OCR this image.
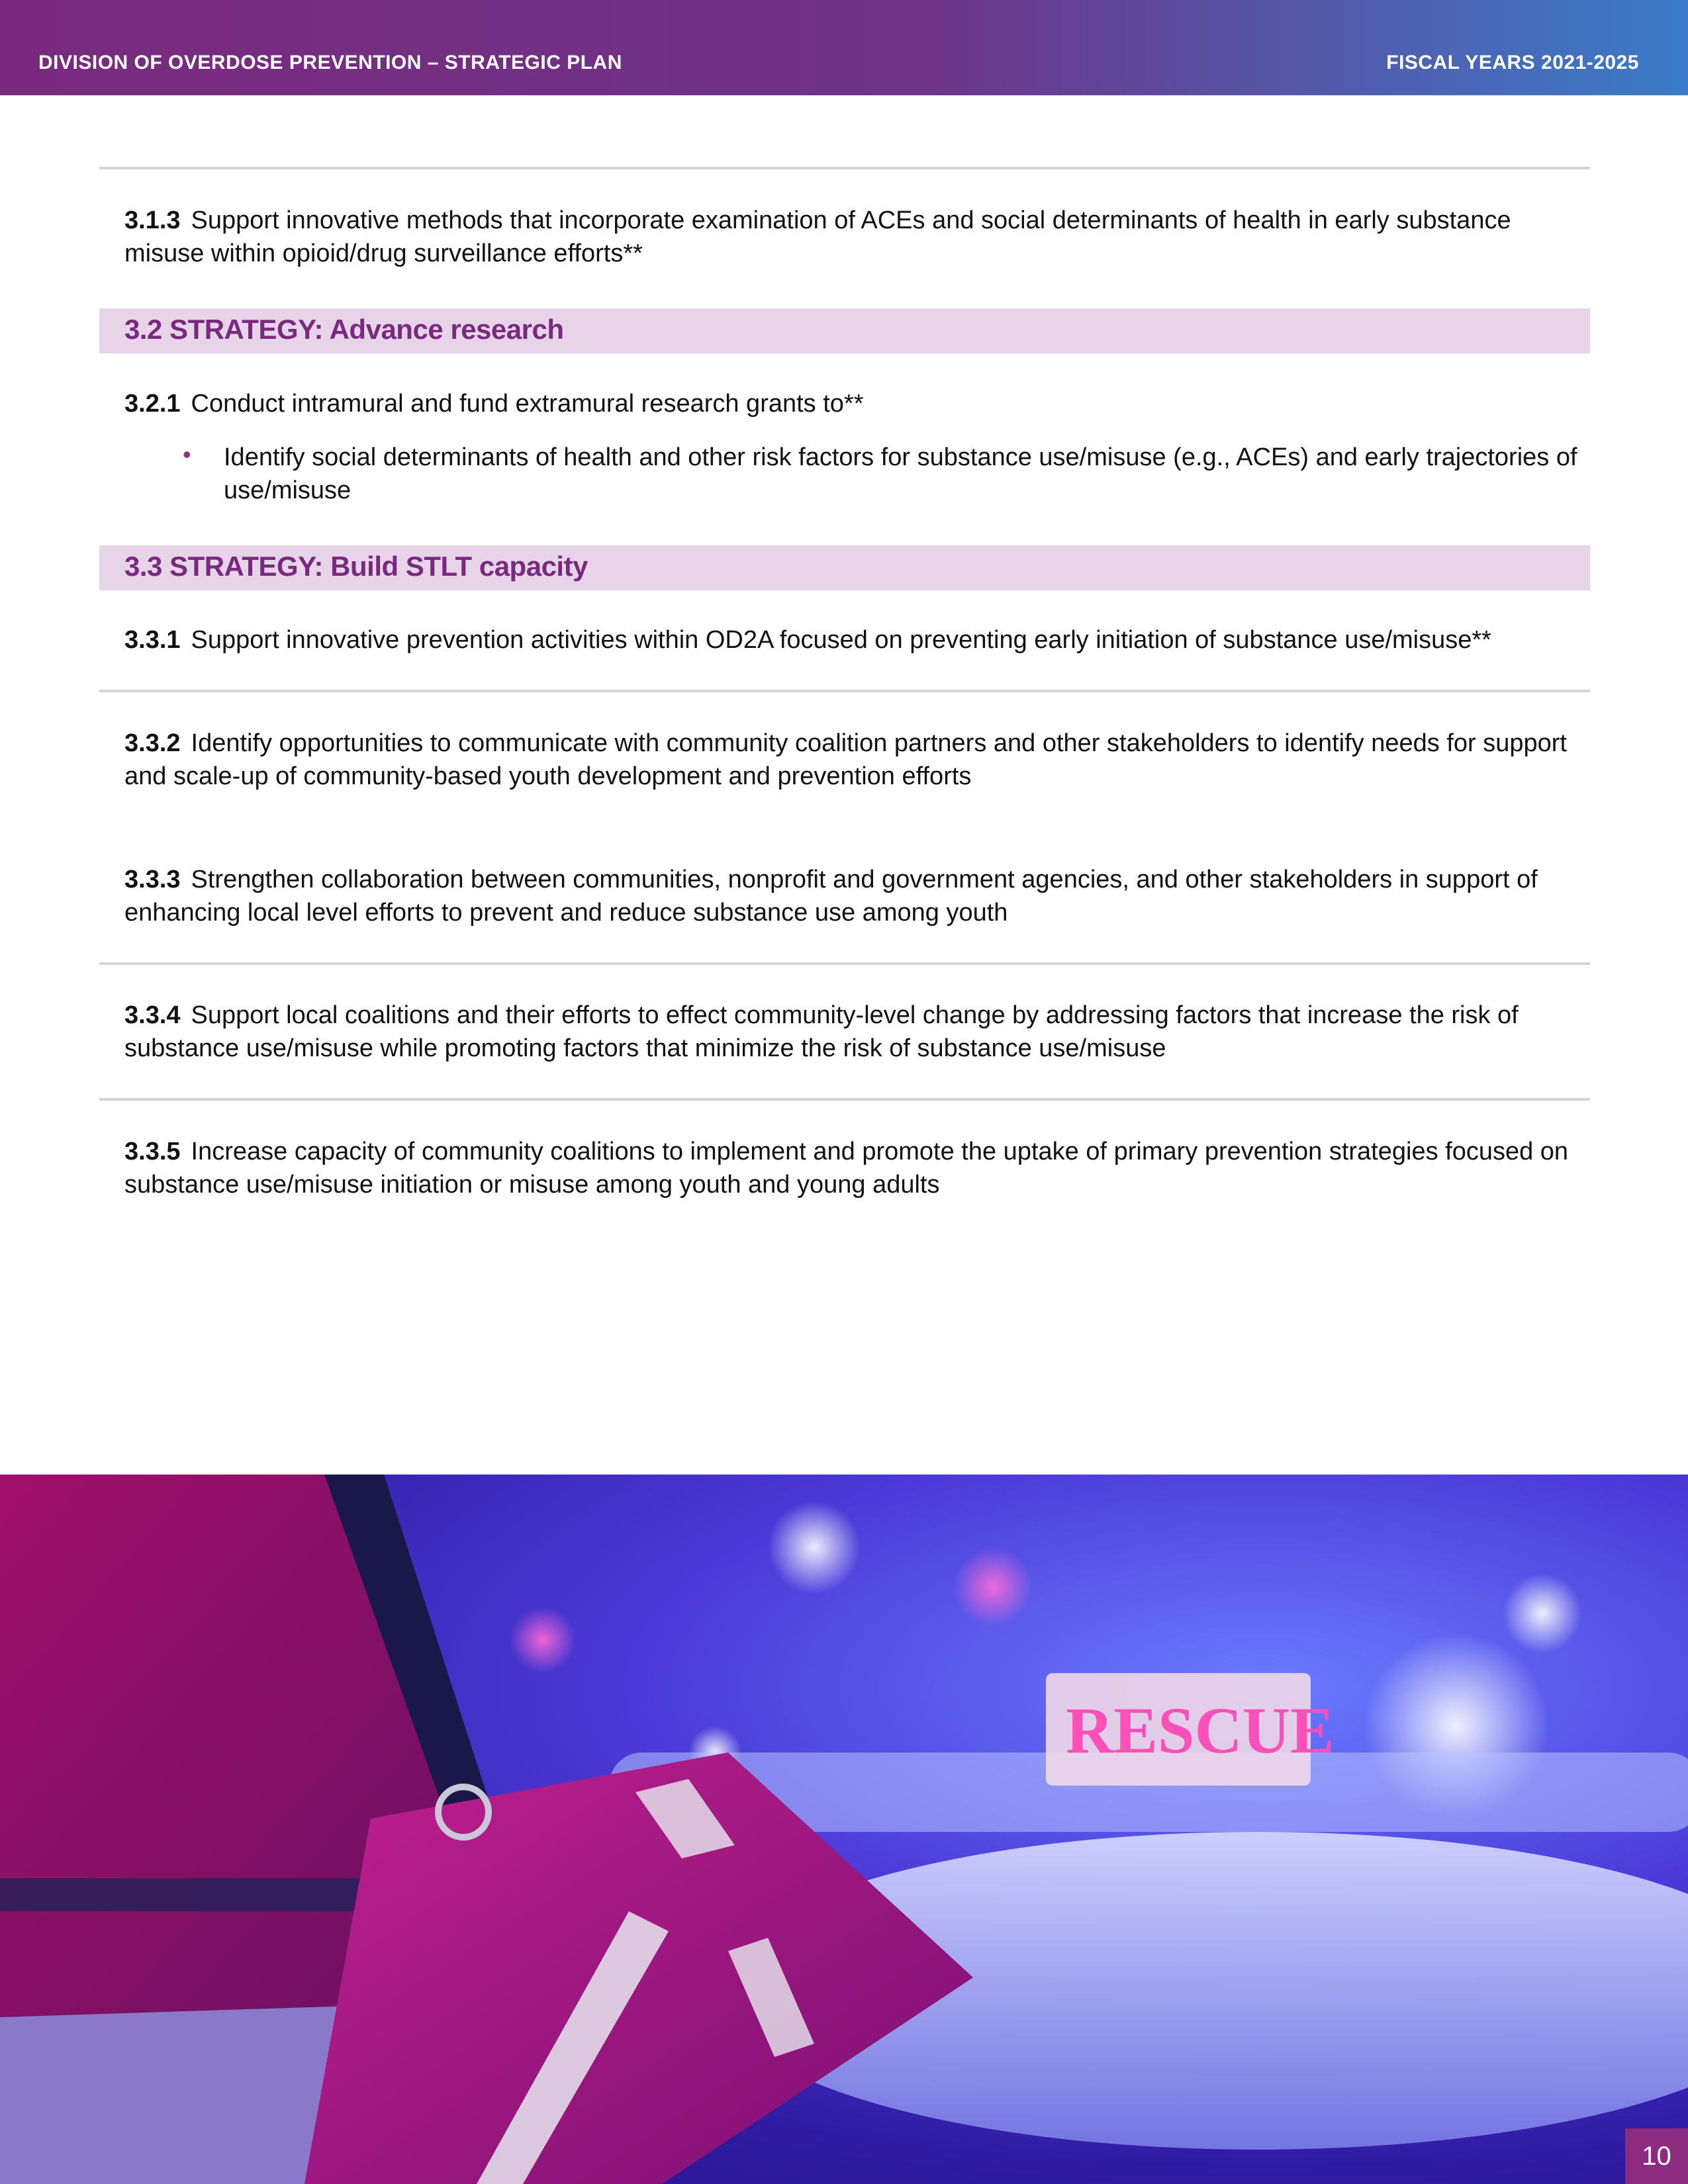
DIVISION OF OVERDOSE PREVENTION – STRATEGIC PLAN	FISCAL YEARS 2021-2025
3.1.3 Support innovative methods that incorporate examination of ACEs and social determinants of health in early substance misuse within opioid/drug surveillance efforts**
3.2 STRATEGY: Advance research
3.2.1 Conduct intramural and fund extramural research grants to**
• Identify social determinants of health and other risk factors for substance use/misuse (e.g., ACEs) and early trajectories of use/misuse
3.3 STRATEGY: Build STLT capacity
3.3.1 Support innovative prevention activities within OD2A focused on preventing early initiation of substance use/misuse**
3.3.2 Identify opportunities to communicate with community coalition partners and other stakeholders to identify needs for support and scale-up of community-based youth development and prevention efforts
3.3.3 Strengthen collaboration between communities, nonprofit and government agencies, and other stakeholders in support of enhancing local level efforts to prevent and reduce substance use among youth
3.3.4 Support local coalitions and their efforts to effect community-level change by addressing factors that increase the risk of substance use/misuse while promoting factors that minimize the risk of substance use/misuse
3.3.5 Increase capacity of community coalitions to implement and promote the uptake of primary prevention strategies focused on substance use/misuse initiation or misuse among youth and young adults
RESCUE
10
